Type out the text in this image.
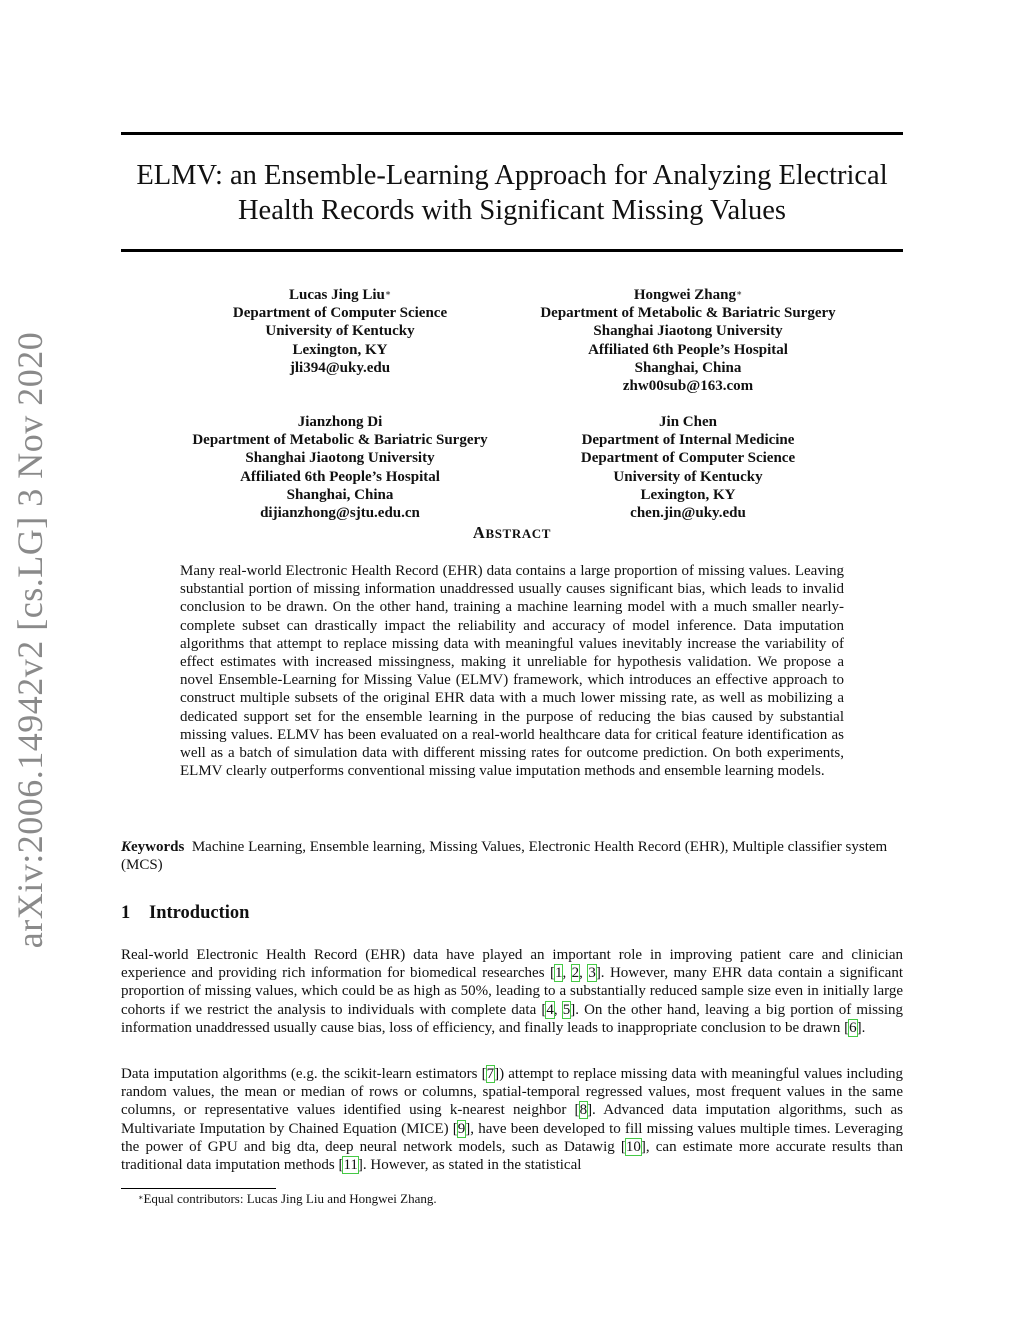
arXiv:2006.14942v2 [cs.LG] 3 Nov 2020
ELMV: an Ensemble-Learning Approach for Analyzing Electrical
Health Records with Significant Missing Values
Lucas Jing Liu∗
Department of Computer Science
University of Kentucky
Lexington, KY
jli394@uky.edu
Hongwei Zhang∗
Department of Metabolic & Bariatric Surgery
Shanghai Jiaotong University
Affiliated 6th People’s Hospital
Shanghai, China
zhw00sub@163.com
Jianzhong Di
Department of Metabolic & Bariatric Surgery
Shanghai Jiaotong University
Affiliated 6th People’s Hospital
Shanghai, China
dijianzhong@sjtu.edu.cn
Jin Chen
Department of Internal Medicine
Department of Computer Science
University of Kentucky
Lexington, KY
chen.jin@uky.edu
ABSTRACT

Many real-world Electronic Health Record (EHR) data contains a large proportion of missing values. Leaving substantial portion of missing information unaddressed usually causes significant bias, which leads to invalid conclusion to be drawn. On the other hand, training a machine learning model with a much smaller nearly-complete subset can drastically impact the reliability and accuracy of model inference. Data imputation algorithms that attempt to replace missing data with meaningful values inevitably increase the variability of effect estimates with increased missingness, making it unreliable for hypothesis validation. We propose a novel Ensemble-Learning for Missing Value (ELMV) framework, which introduces an effective approach to construct multiple subsets of the original EHR data with a much lower missing rate, as well as mobilizing a dedicated support set for the ensemble learning in the purpose of reducing the bias caused by substantial missing values. ELMV has been evaluated on a real-world healthcare data for critical feature identification as well as a batch of simulation data with different missing rates for outcome prediction. On both experiments, ELMV clearly outperforms conventional missing value imputation methods and ensemble learning models.

Keywords Machine Learning, Ensemble learning, Missing Values, Electronic Health Record (EHR), Multiple classifier system (MCS)

1 Introduction

Real-world Electronic Health Record (EHR) data have played an important role in improving patient care and clinician experience and providing rich information for biomedical researches [1, 2, 3]. However, many EHR data contain a significant proportion of missing values, which could be as high as 50%, leading to a substantially reduced sample size even in initially large cohorts if we restrict the analysis to individuals with complete data [4, 5]. On the other hand, leaving a big portion of missing information unaddressed usually cause bias, loss of efficiency, and finally leads to inappropriate conclusion to be drawn [6].

Data imputation algorithms (e.g. the scikit-learn estimators [7]) attempt to replace missing data with meaningful values including random values, the mean or median of rows or columns, spatial-temporal regressed values, most frequent values in the same columns, or representative values identified using k-nearest neighbor [8]. Advanced data imputation algorithms, such as Multivariate Imputation by Chained Equation (MICE) [9], have been developed to fill missing values multiple times. Leveraging the power of GPU and big dta, deep neural network models, such as Datawig [10], can estimate more accurate results than traditional data imputation methods [11]. However, as stated in the statistical

∗Equal contributors: Lucas Jing Liu and Hongwei Zhang.
